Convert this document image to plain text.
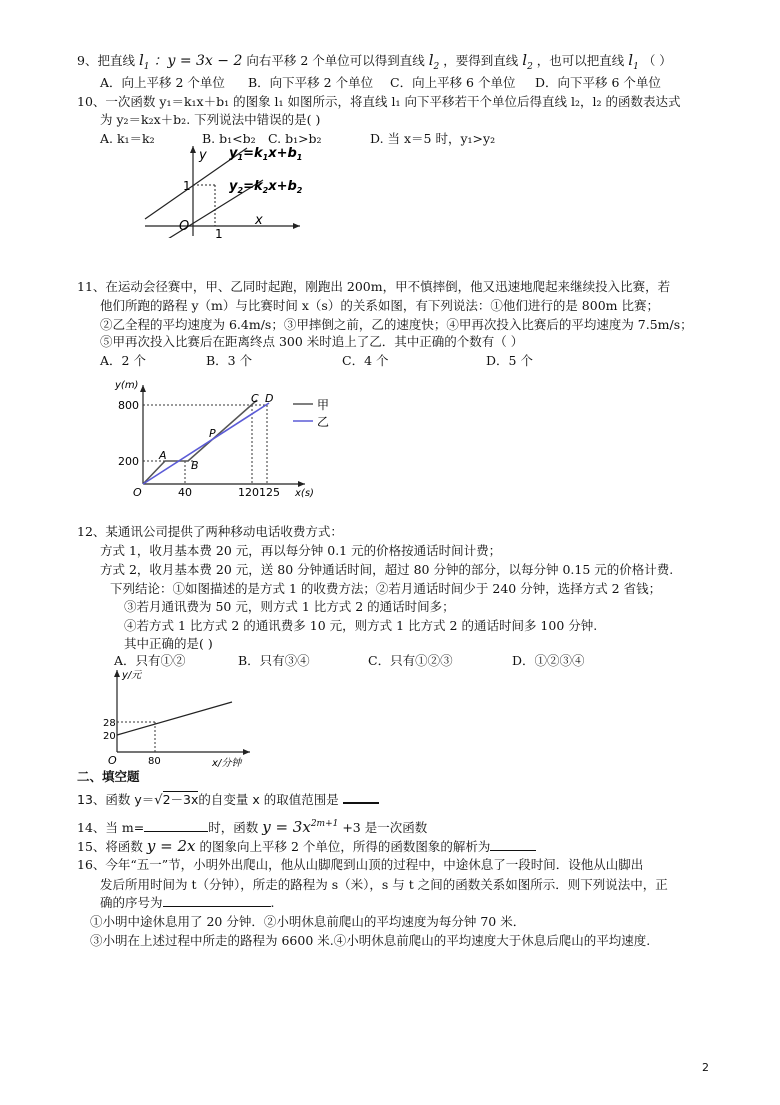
9、把直线 $l_1$ ：y = 3x − 2 向右平移 2 个单位可以得到直线 $l_2$ ，要得到直线 $l_2$ ，也可以把直线 $l_1$ （ ）
A．向上平移 2 个单位 B．向下平移 2 个单位 C．向上平移 6 个单位 D．向下平移 6 个单位
10、一次函数 y₁＝k₁x＋b₁ 的图象 l₁ 如图所示，将直线 l₁ 向下平移若干个单位后得直线 l₂，l₂ 的函数表达式
为 y₂＝k₂x＋b₂. 下列说法中错误的是( )
A. k₁＝k₂	B. b₁<b₂ C. b₁>b₂	D. 当 x＝5 时，y₁>y₂
y
x
O
1
1
$y_1=k_1x+b_1$
$y_2=k_2x+b_2$
11、在运动会径赛中，甲、乙同时起跑，刚跑出 200m，甲不慎摔倒，他又迅速地爬起来继续投入比赛，若
他们所跑的路程 y（m）与比赛时间 x（s）的关系如图，有下列说法：①他们进行的是 800m 比赛；
②乙全程的平均速度为 6.4m/s；③甲摔倒之前，乙的速度快；④甲再次投入比赛后的平均速度为 7.5m/s；
⑤甲再次投入比赛后在距离终点 300 米时追上了乙．其中正确的个数有（ ）
A．2 个	B．3 个	C．4 个	D．5 个
y(m)
x(s)
O
800
200
40	120 125
A
B
P
C D	甲
乙
12、某通讯公司提供了两种移动电话收费方式：
方式 1，收月基本费 20 元，再以每分钟 0.1 元的价格按通话时间计费；
方式 2，收月基本费 20 元，送 80 分钟通话时间，超过 80 分钟的部分，以每分钟 0.15 元的价格计费.
下列结论：①如图描述的是方式 1 的收费方法；②若月通话时间少于 240 分钟，选择方式 2 省钱；
③若月通讯费为 50 元，则方式 1 比方式 2 的通话时间多；
④若方式 1 比方式 2 的通讯费多 10 元，则方式 1 比方式 2 的通话时间多 100 分钟.
其中正确的是( )
A．只有①②	B．只有③④	C．只有①②③	D．①②③④
y/元
x/分钟
O
28
20
80
二、填空题
13、函数 y＝√2－3x的自变量 x 的取值范围是
14、当 m=	时，函数 $y = 3x^{2m+1} +3$ 是一次函数
15、将函数 y = 2x 的图象向上平移 2 个单位，所得的函数图象的解析为
16、今年“五一”节，小明外出爬山，他从山脚爬到山顶的过程中，中途休息了一段时间．设他从山脚出
发后所用时间为 t（分钟），所走的路程为 s（米），s 与 t 之间的函数关系如图所示．则下列说法中，正
确的序号为	.
①小明中途休息用了 20 分钟．②小明休息前爬山的平均速度为每分钟 70 米．
③小明在上述过程中所走的路程为 6600 米.④小明休息前爬山的平均速度大于休息后爬山的平均速度.
2
